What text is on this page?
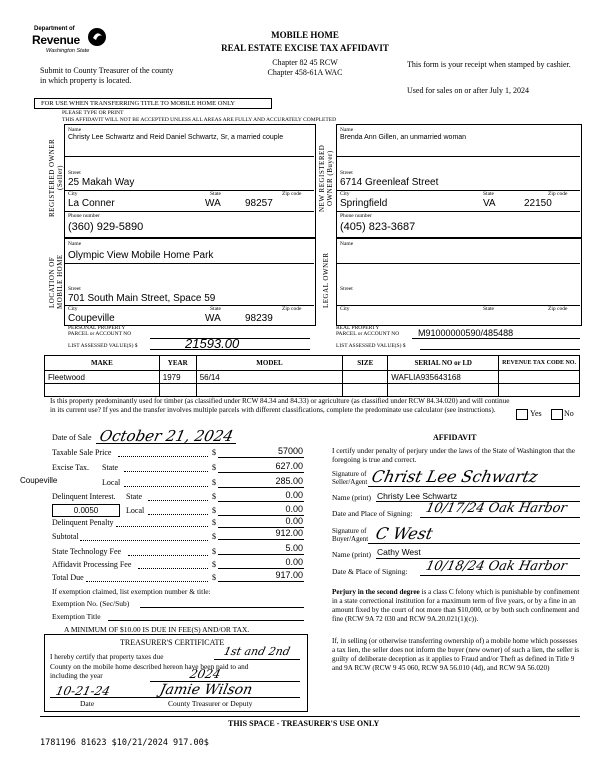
Department of
Revenue
Washington State
MOBILE HOME
REAL ESTATE EXCISE TAX AFFIDAVIT
Chapter 82 45 RCW
Chapter 458-61A WAC
Submit to County Treasurer of the county in which property is located.
This form is your receipt when stamped by cashier.
Used for sales on or after July 1, 2024
FOR USE WHEN TRANSFERRING TITLE TO MOBILE HOME ONLY
PLEASE TYPE OR PRINT
THIS AFFIDAVIT WILL NOT BE ACCEPTED UNLESS ALL AREAS ARE FULLY AND ACCURATELY COMPLETED
REGISTERED OWNER (Seller)
Name
Christy Lee Schwartz and Reid Daniel Schwartz, Sr, a married couple
Street
25 Makah Way
City	State	Zip code
La Conner	WA 98257
Phone number
(360) 929-5890
NEW REGISTERED OWNER (Buyer)
Name
Brenda Ann Gillen, an unmarried woman
Street
6714 Greenleaf Street
City	State	Zip code
Springfield	VA	22150
Phone number
(405) 823-3687
LOCATION OF MOBILE HOME
Name
Olympic View Mobile Home Park
Street
701 South Main Street, Space 59
City	State	Zip code
Coupeville	WA 98239
PERSONAL PROPERTY
PARCEL or ACCOUNT NO
LIST ASSESSED VALUE(S) $	21593.00
LEGAL OWNER
Name
Street
City	State	Zip code
REAL PROPERTY
PARCEL or ACCOUNT NO M91000000590/485488
LIST ASSESSED VALUE(S) $
MAKE	YEAR	MODEL	SIZE	SERIAL NO or I.D	REVENUE TAX CODE NO.
Fleetwood	1979	56/14		WAFLIA935643168	

Is this property predominantly used for timber (as classified under RCW 84.34 and 84.33) or agriculture (as classified under RCW 84.34.020) and will continue in its current use? If yes and the transfer involves multiple parcels with different classifications, complete the predominate use calculator (see instructions).	Yes	No
Date of Sale October 21, 2024
Taxable Sale Price	$	57000
Excise Tax. State	$	627.00
Coupeville	Local	$	285.00
Delinquent Interest. State	$	0.00
0.0050	Local	$	0.00
Delinquent Penalty	$	0.00
Subtotal	$	912.00
State Technology Fee	$	5.00
Affidavit Processing Fee	$	0.00
Total Due	$	917.00
If exemption claimed, list exemption number & title:
Exemption No. (Sec/Sub)
Exemption Title
A MINIMUM OF $10.00 IS DUE IN FEE(S) AND/OR TAX.
AFFIDAVIT
I certify under penalty of perjury under the laws of the State of Washington that the foregoing is true and correct.
Signature of Seller/Agent Christ Lee Schwartz
Name (print) Christy Lee Schwartz
Date and Place of Signing: 10/17/24 Oak Harbor
Signature of Buyer/Agent C West
Name (print) Cathy West
Date & Place of Signing: 10/18/24 Oak Harbor
Perjury in the second degree is a class C felony which is punishable by confinement in a state correctional institution for a maximum term of five years, or by a fine in an amount fixed by the court of not more than $10,000, or by both such confinement and fine (RCW 9A 72 030 and RCW 9A.20.021(1)(c)).
If, in selling (or otherwise transferring ownership of) a mobile home which possesses a tax lien, the seller does not inform the buyer (new owner) of such a lien, the seller is guilty of deliberate deception as it applies to Fraud and/or Theft as defined in Title 9 and 9A RCW (RCW 9 45 060, RCW 9A 56.010 (4d), and RCW 9A 56.020)
TREASURER'S CERTIFICATE
I hereby certify that property taxes due	1st and 2nd
County on the mobile home described hereon have been paid to and including the year	2024
10-21-24	Jamie Wilson
Date	County Treasurer or Deputy
THIS SPACE - TREASURER'S USE ONLY
1781196 81623 $10/21/2024 917.00$
